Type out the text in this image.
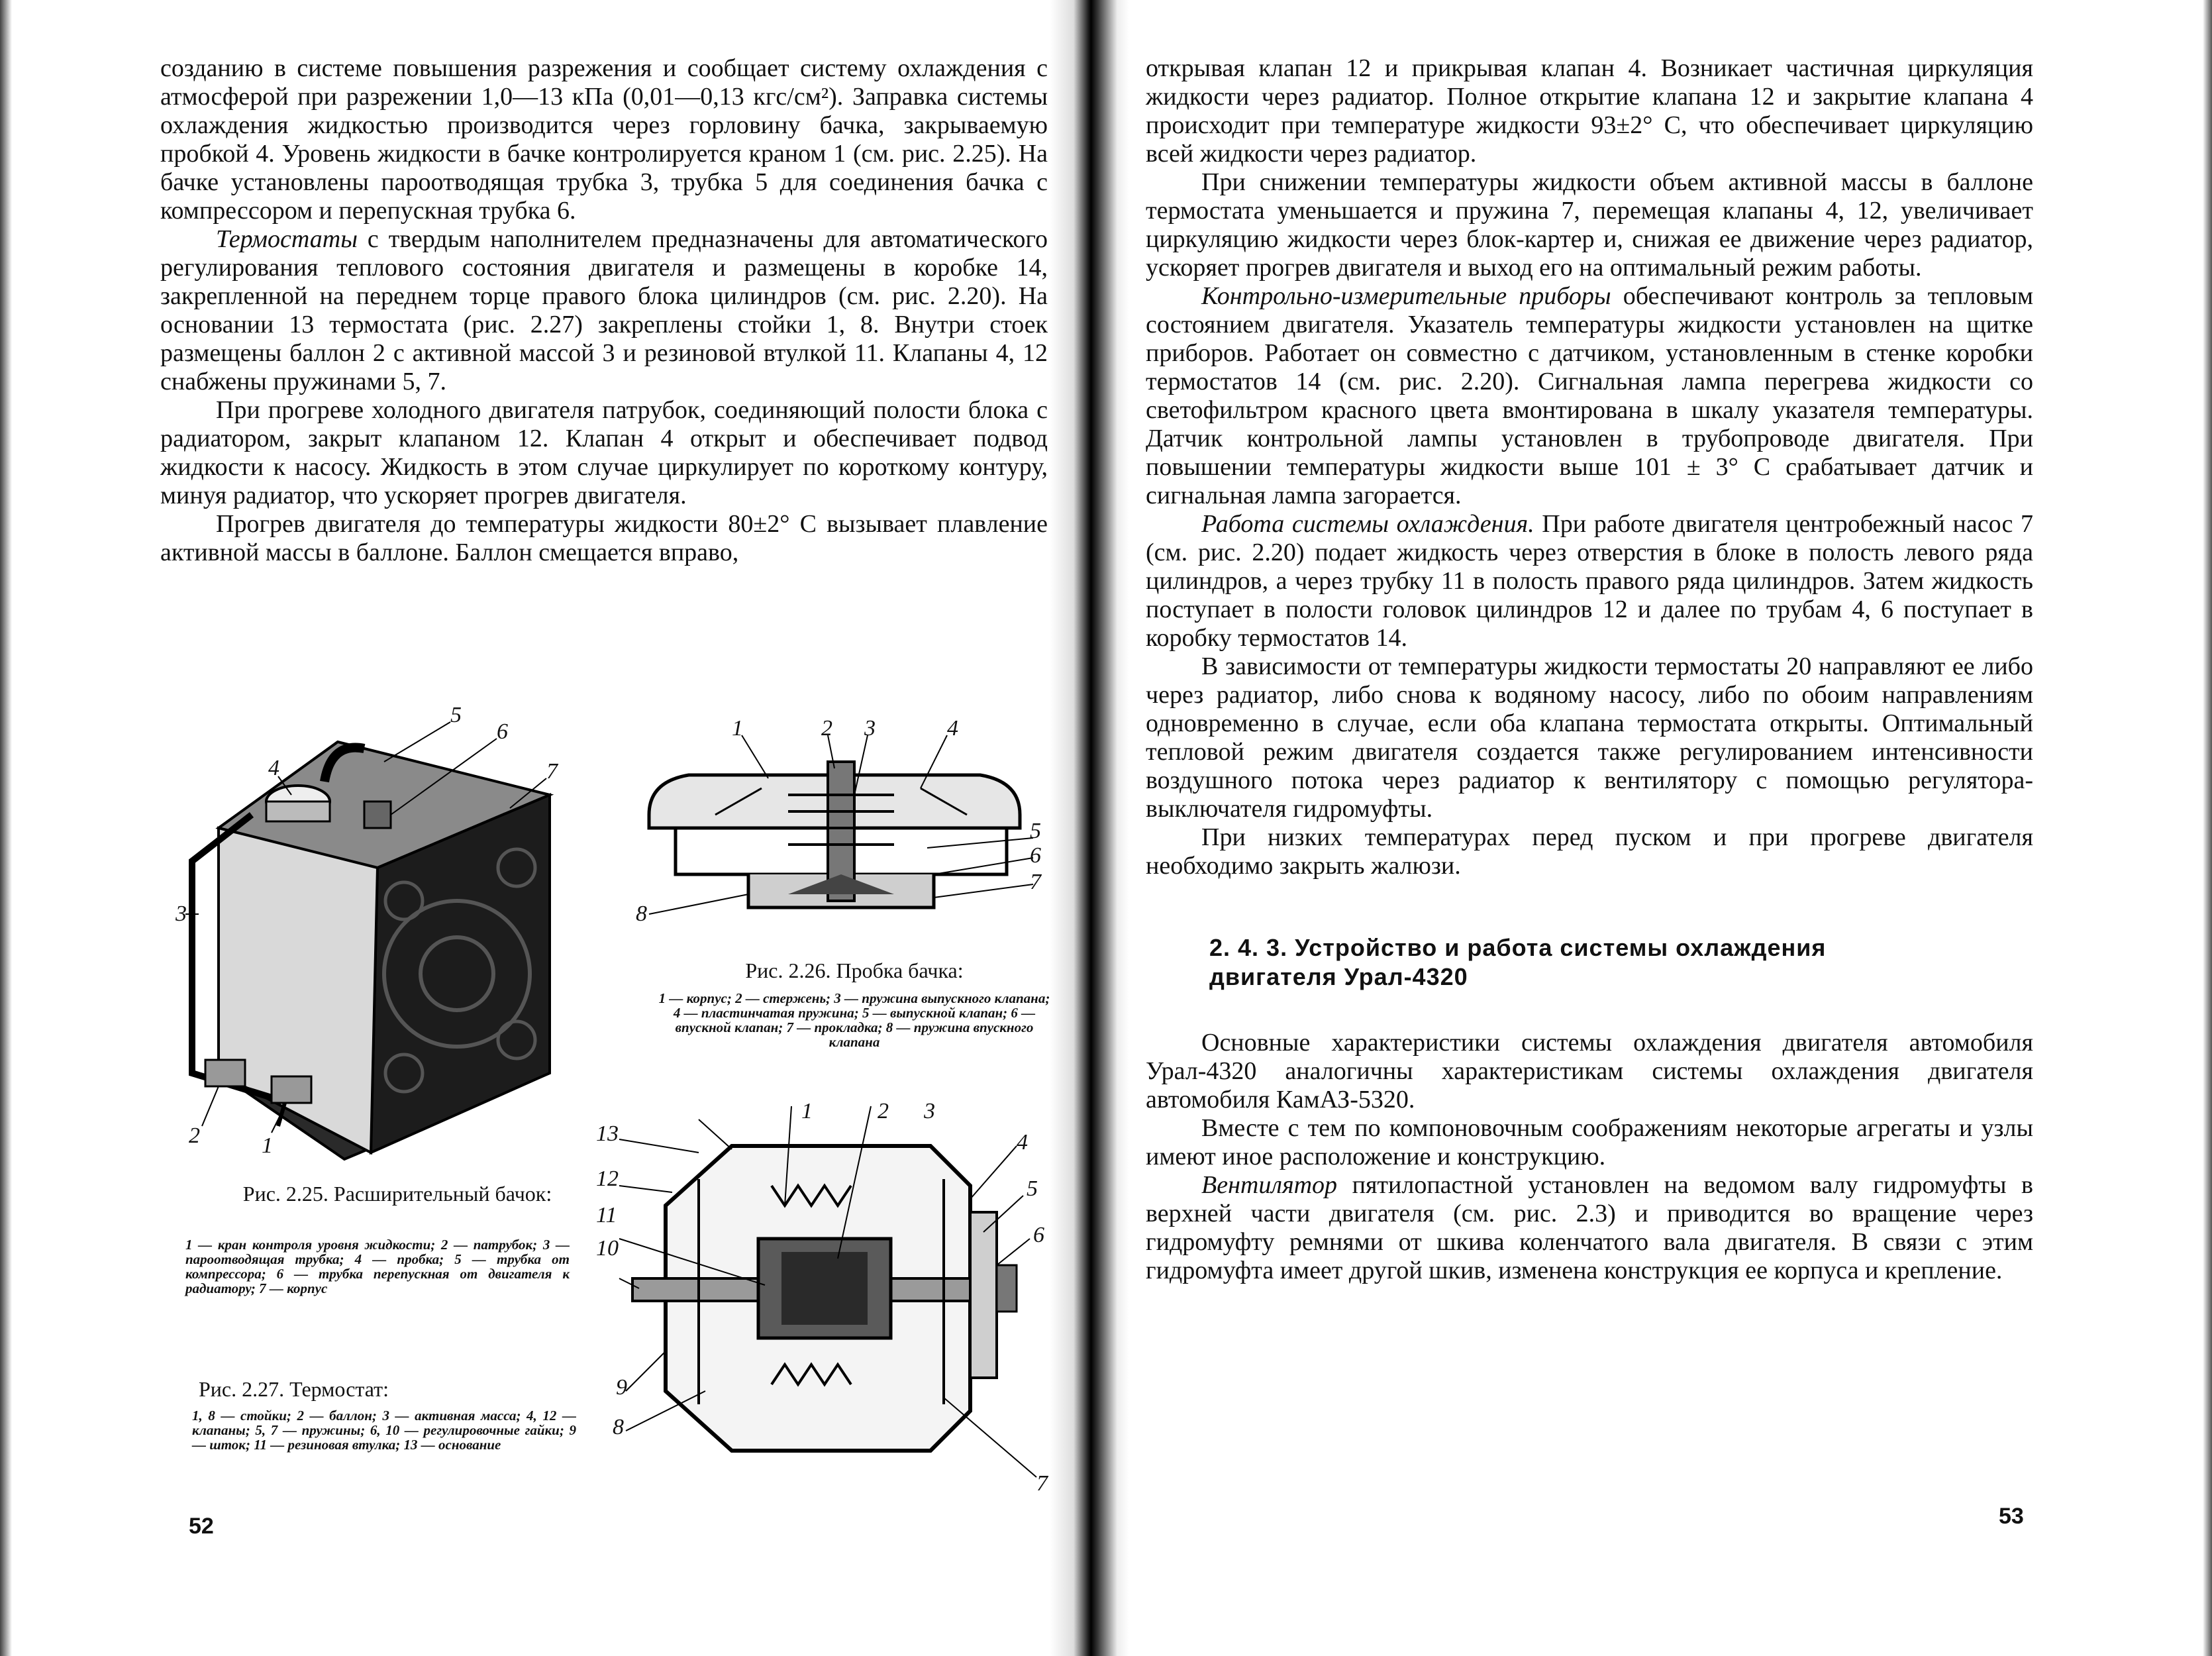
созданию в системе повышения разрежения и сообщает систему охлаждения с атмосферой при разрежении 1,0—13 кПа (0,01—0,13 кгс/см²). Заправка системы охлаждения жидкостью производится через горловину бачка, закрываемую пробкой 4. Уровень жидкости в бачке контролируется краном 1 (см. рис. 2.25). На бачке установлены пароотводящая трубка 3, трубка 5 для соединения бачка с компрессором и перепускная трубка 6.

Термостаты с твердым наполнителем предназначены для автоматического регулирования теплового состояния двигателя и размещены в коробке 14, закрепленной на переднем торце правого блока цилиндров (см. рис. 2.20). На основании 13 термостата (рис. 2.27) закреплены стойки 1, 8. Внутри стоек размещены баллон 2 с активной массой 3 и резиновой втулкой 11. Клапаны 4, 12 снабжены пружинами 5, 7.

При прогреве холодного двигателя патрубок, соединяющий полости блока с радиатором, закрыт клапаном 12. Клапан 4 открыт и обеспечивает подвод жидкости к насосу. Жидкость в этом случае циркулирует по короткому контуру, минуя радиатор, что ускоряет прогрев двигателя.

Прогрев двигателя до температуры жидкости 80±2° C вызывает плавление активной массы в баллоне. Баллон смещается вправо,

4
5
6
7
3
2	1
Рис. 2.25. Расширительный бачок:
1 — кран контроля уровня жидкости; 2 — патрубок; 3 — пароотводящая трубка; 4 — пробка; 5 — трубка от компрессора; 6 — трубка перепускная от двигателя к радиатору; 7 — корпус
1	2 3	4
5
6
7
8
Рис. 2.26. Пробка бачка:
1 — корпус; 2 — стержень; 3 — пружина выпускного клапана; 4 — пластинчатая пружина; 5 — выпускной клапан; 6 — впускной клапан; 7 — прокладка; 8 — пружина впускного клапана
1	2 3
4
5
6
7
8
9
10
11
12
13
Рис. 2.27. Термостат:
1, 8 — стойки; 2 — баллон; 3 — активная масса; 4, 12 — клапаны; 5, 7 — пружины; 6, 10 — регулировочные гайки; 9 — шток; 11 — резиновая втулка; 13 — основание
52

открывая клапан 12 и прикрывая клапан 4. Возникает частичная циркуляция жидкости через радиатор. Полное открытие клапана 12 и закрытие клапана 4 происходит при температуре жидкости 93±2° C, что обеспечивает циркуляцию всей жидкости через радиатор.

При снижении температуры жидкости объем активной массы в баллоне термостата уменьшается и пружина 7, перемещая клапаны 4, 12, увеличивает циркуляцию жидкости через блок-картер и, снижая ее движение через радиатор, ускоряет прогрев двигателя и выход его на оптимальный режим работы.

Контрольно-измерительные приборы обеспечивают контроль за тепловым состоянием двигателя. Указатель температуры жидкости установлен на щитке приборов. Работает он совместно с датчиком, установленным в стенке коробки термостатов 14 (см. рис. 2.20). Сигнальная лампа перегрева жидкости со светофильтром красного цвета вмонтирована в шкалу указателя температуры. Датчик контрольной лампы установлен в трубопроводе двигателя. При повышении температуры жидкости выше 101 ± 3° C срабатывает датчик и сигнальная лампа загорается.

Работа системы охлаждения. При работе двигателя центробежный насос 7 (см. рис. 2.20) подает жидкость через отверстия в блоке в полость левого ряда цилиндров, а через трубку 11 в полость правого ряда цилиндров. Затем жидкость поступает в полости головок цилиндров 12 и далее по трубам 4, 6 поступает в коробку термостатов 14.

В зависимости от температуры жидкости термостаты 20 направляют ее либо через радиатор, либо снова к водяному насосу, либо по обоим направлениям одновременно в случае, если оба клапана термостата открыты. Оптимальный тепловой режим двигателя создается также регулированием интенсивности воздушного потока через радиатор к вентилятору с помощью регулятора-выключателя гидромуфты.

При низких температурах перед пуском и при прогреве двигателя необходимо закрыть жалюзи.

2. 4. 3. Устройство и работа системы охлаждения
двигателя Урал-4320

Основные характеристики системы охлаждения двигателя автомобиля Урал-4320 аналогичны характеристикам системы охлаждения двигателя автомобиля КамАЗ-5320.

Вместе с тем по компоновочным соображениям некоторые агрегаты и узлы имеют иное расположение и конструкцию.

Вентилятор пятилопастной установлен на ведомом валу гидромуфты в верхней части двигателя (см. рис. 2.3) и приводится во вращение через гидромуфту ремнями от шкива коленчатого вала двигателя. В связи с этим гидромуфта имеет другой шкив, изменена конструкция ее корпуса и крепление.

53
